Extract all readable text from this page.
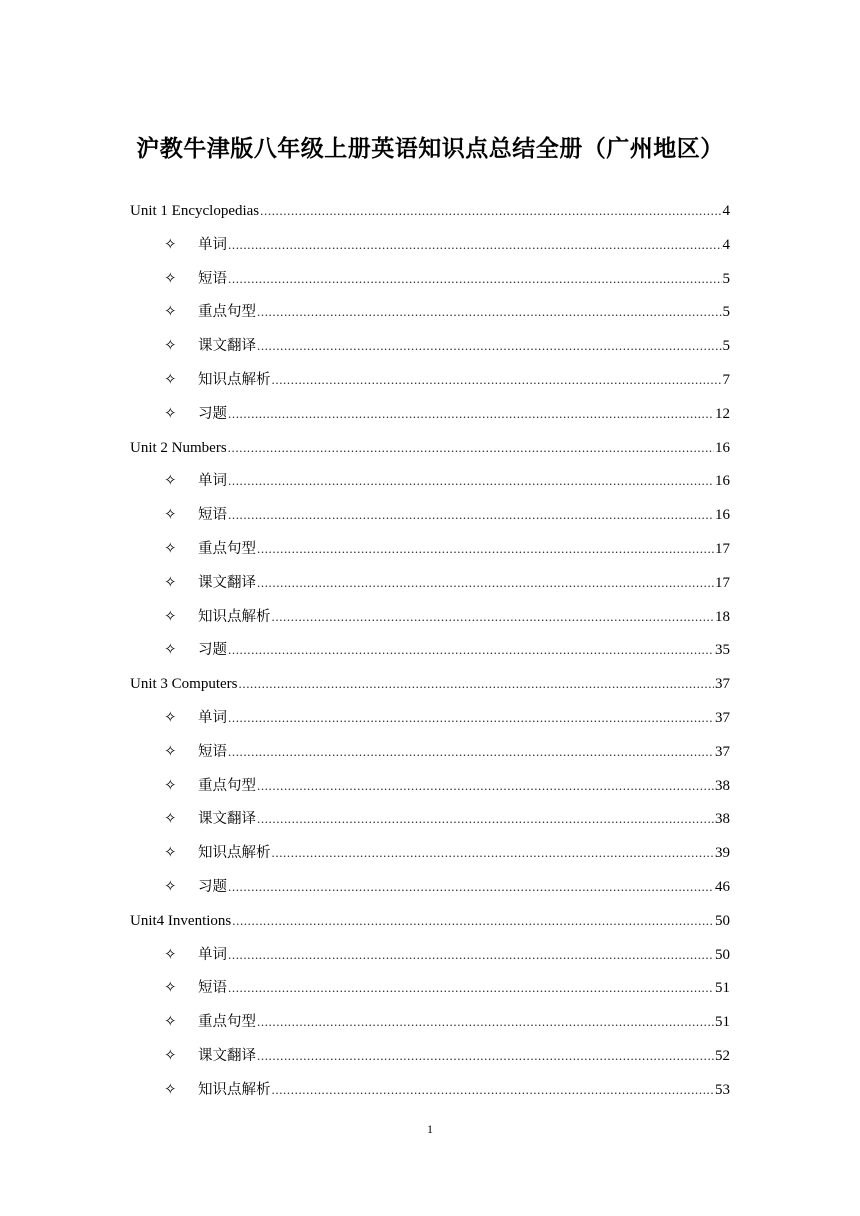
沪教牛津版八年级上册英语知识点总结全册（广州地区）
Unit 1 Encyclopedias .....	4
✧	单词 .....	4
✧	短语 .....	5
✧	重点句型 .....	5
✧	课文翻译 .....	5
✧	知识点解析 .....	7
✧	习题 .....	12
Unit 2 Numbers .....	16
✧	单词 .....	16
✧	短语 .....	16
✧	重点句型 .....	17
✧	课文翻译 .....	17
✧	知识点解析 .....	18
✧	习题 .....	35
Unit 3 Computers .....	37
✧	单词 .....	37
✧	短语 .....	37
✧	重点句型 .....	38
✧	课文翻译 .....	38
✧	知识点解析 .....	39
✧	习题 .....	46
Unit4 Inventions .....	50
✧	单词 .....	50
✧	短语 .....	51
✧	重点句型 .....	51
✧	课文翻译 .....	52
✧	知识点解析 .....	53
1
